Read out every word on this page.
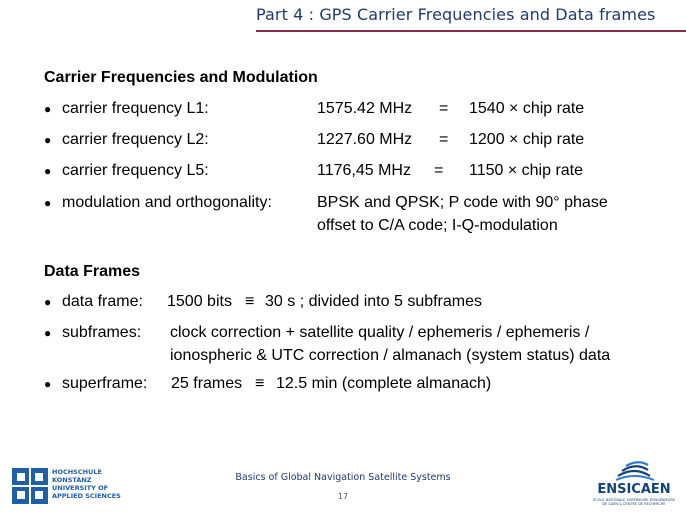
Part 4 : GPS Carrier Frequencies and Data frames
Carrier Frequencies and Modulation
● carrier frequency L1:	1575.42 MHz = 1540 × chip rate
● carrier frequency L2:	1227.60 MHz = 1200 × chip rate
● carrier frequency L5:	1176,45 MHz = 1150 × chip rate
● modulation and orthogonality:	BPSK and QPSK; P code with 90° phase
offset to C/A code; I-Q-modulation
Data Frames
● data frame: 1500 bits ≡ 30 s ; divided into 5 subframes
● subframes: clock correction + satellite quality / ephemeris / ephemeris /
ionospheric & UTC correction / almanach (system status) data
● superframe: 25 frames ≡ 12.5 min (complete almanach)
HOCHSCHULE
KONSTANZ
UNIVERSITY OF
APPLIED SCIENCES
Basics of Global Navigation Satellite Systems
17	ENSICAEN
ÉCOLE NATIONALE SUPÉRIEURE D'INGÉNIEURS DE CAEN & CENTRE DE RECHERCHE
